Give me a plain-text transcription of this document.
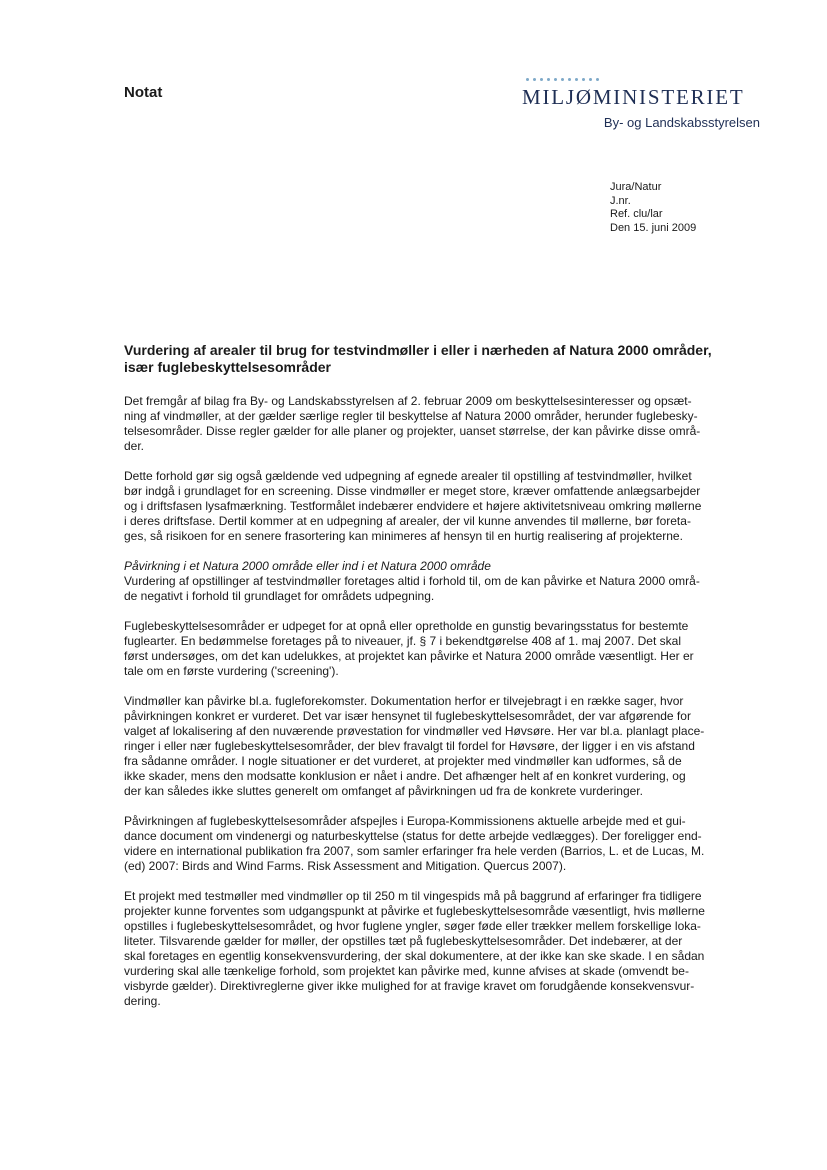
Notat	MILJØMINISTERIET
By- og Landskabsstyrelsen
Jura/Natur
J.nr.
Ref. clu/lar
Den 15. juni 2009
Vurdering af arealer til brug for testvindmøller i eller i nærheden af Natura 2000 områder,
især fuglebeskyttelsesområder

Det fremgår af bilag fra By- og Landskabsstyrelsen af 2. februar 2009 om beskyttelsesinteresser og opsæt-
ning af vindmøller, at der gælder særlige regler til beskyttelse af Natura 2000 områder, herunder fuglebesky-
telsesområder. Disse regler gælder for alle planer og projekter, uanset størrelse, der kan påvirke disse områ-
der.

Dette forhold gør sig også gældende ved udpegning af egnede arealer til opstilling af testvindmøller, hvilket
bør indgå i grundlaget for en screening. Disse vindmøller er meget store, kræver omfattende anlægsarbejder
og i driftsfasen lysafmærkning. Testformålet indebærer endvidere et højere aktivitetsniveau omkring møllerne
i deres driftsfase. Dertil kommer at en udpegning af arealer, der vil kunne anvendes til møllerne, bør foreta-
ges, så risikoen for en senere frasortering kan minimeres af hensyn til en hurtig realisering af projekterne.

Påvirkning i et Natura 2000 område eller ind i et Natura 2000 område
Vurdering af opstillinger af testvindmøller foretages altid i forhold til, om de kan påvirke et Natura 2000 områ-
de negativt i forhold til grundlaget for områdets udpegning.

Fuglebeskyttelsesområder er udpeget for at opnå eller opretholde en gunstig bevaringsstatus for bestemte
fuglearter. En bedømmelse foretages på to niveauer, jf. § 7 i bekendtgørelse 408 af 1. maj 2007. Det skal
først undersøges, om det kan udelukkes, at projektet kan påvirke et Natura 2000 område væsentligt. Her er
tale om en første vurdering ('screening').

Vindmøller kan påvirke bl.a. fugleforekomster. Dokumentation herfor er tilvejebragt i en række sager, hvor
påvirkningen konkret er vurderet. Det var især hensynet til fuglebeskyttelsesområdet, der var afgørende for
valget af lokalisering af den nuværende prøvestation for vindmøller ved Høvsøre. Her var bl.a. planlagt place-
ringer i eller nær fuglebeskyttelsesområder, der blev fravalgt til fordel for Høvsøre, der ligger i en vis afstand
fra sådanne områder. I nogle situationer er det vurderet, at projekter med vindmøller kan udformes, så de
ikke skader, mens den modsatte konklusion er nået i andre. Det afhænger helt af en konkret vurdering, og
der kan således ikke sluttes generelt om omfanget af påvirkningen ud fra de konkrete vurderinger.

Påvirkningen af fuglebeskyttelsesområder afspejles i Europa-Kommissionens aktuelle arbejde med et gui-
dance document om vindenergi og naturbeskyttelse (status for dette arbejde vedlægges). Der foreligger end-
videre en international publikation fra 2007, som samler erfaringer fra hele verden (Barrios, L. et de Lucas, M.
(ed) 2007: Birds and Wind Farms. Risk Assessment and Mitigation. Quercus 2007).

Et projekt med testmøller med vindmøller op til 250 m til vingespids må på baggrund af erfaringer fra tidligere
projekter kunne forventes som udgangspunkt at påvirke et fuglebeskyttelsesområde væsentligt, hvis møllerne
opstilles i fuglebeskyttelsesområdet, og hvor fuglene yngler, søger føde eller trækker mellem forskellige loka-
liteter. Tilsvarende gælder for møller, der opstilles tæt på fuglebeskyttelsesområder. Det indebærer, at der
skal foretages en egentlig konsekvensvurdering, der skal dokumentere, at der ikke kan ske skade. I en sådan
vurdering skal alle tænkelige forhold, som projektet kan påvirke med, kunne afvises at skade (omvendt be-
visbyrde gælder). Direktivreglerne giver ikke mulighed for at fravige kravet om forudgående konsekvensvur-
dering.
